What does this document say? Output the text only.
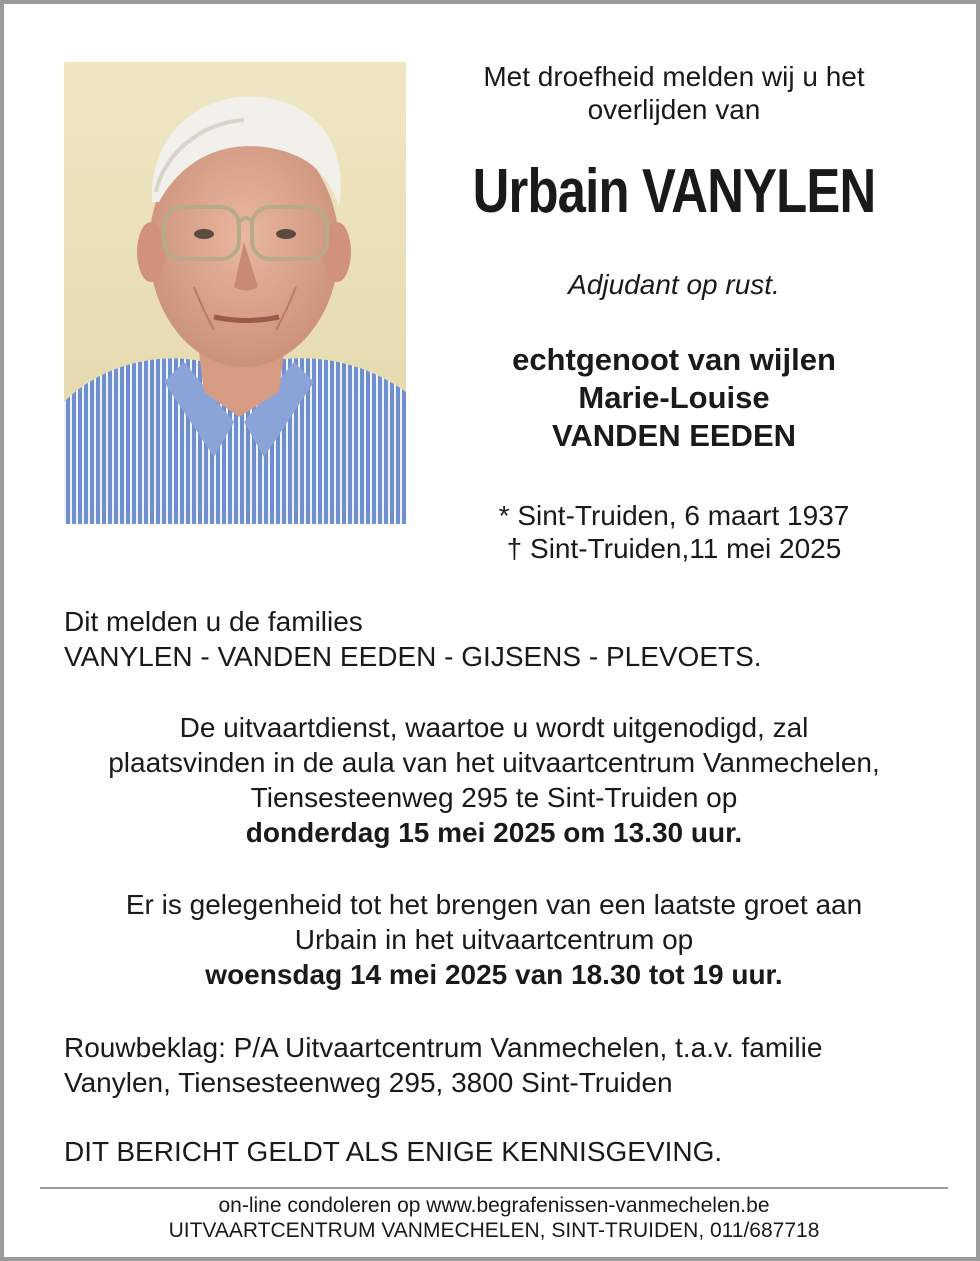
Met droefheid melden wij u het
overlijden van
Urbain VANYLEN
Adjudant op rust.
echtgenoot van wijlen
Marie-Louise
VANDEN EEDEN
* Sint-Truiden, 6 maart 1937
† Sint-Truiden,11 mei 2025
Dit melden u de families
VANYLEN - VANDEN EEDEN - GIJSENS - PLEVOETS.
De uitvaartdienst, waartoe u wordt uitgenodigd, zal
plaatsvinden in de aula van het uitvaartcentrum Vanmechelen,
Tiensesteenweg 295 te Sint-Truiden op
donderdag 15 mei 2025 om 13.30 uur.
Er is gelegenheid tot het brengen van een laatste groet aan
Urbain in het uitvaartcentrum op
woensdag 14 mei 2025 van 18.30 tot 19 uur.
Rouwbeklag: P/A Uitvaartcentrum Vanmechelen, t.a.v. familie
Vanylen, Tiensesteenweg 295, 3800 Sint-Truiden
DIT BERICHT GELDT ALS ENIGE KENNISGEVING.
on-line condoleren op www.begrafenissen-vanmechelen.be
UITVAARTCENTRUM VANMECHELEN, SINT-TRUIDEN, 011/687718
